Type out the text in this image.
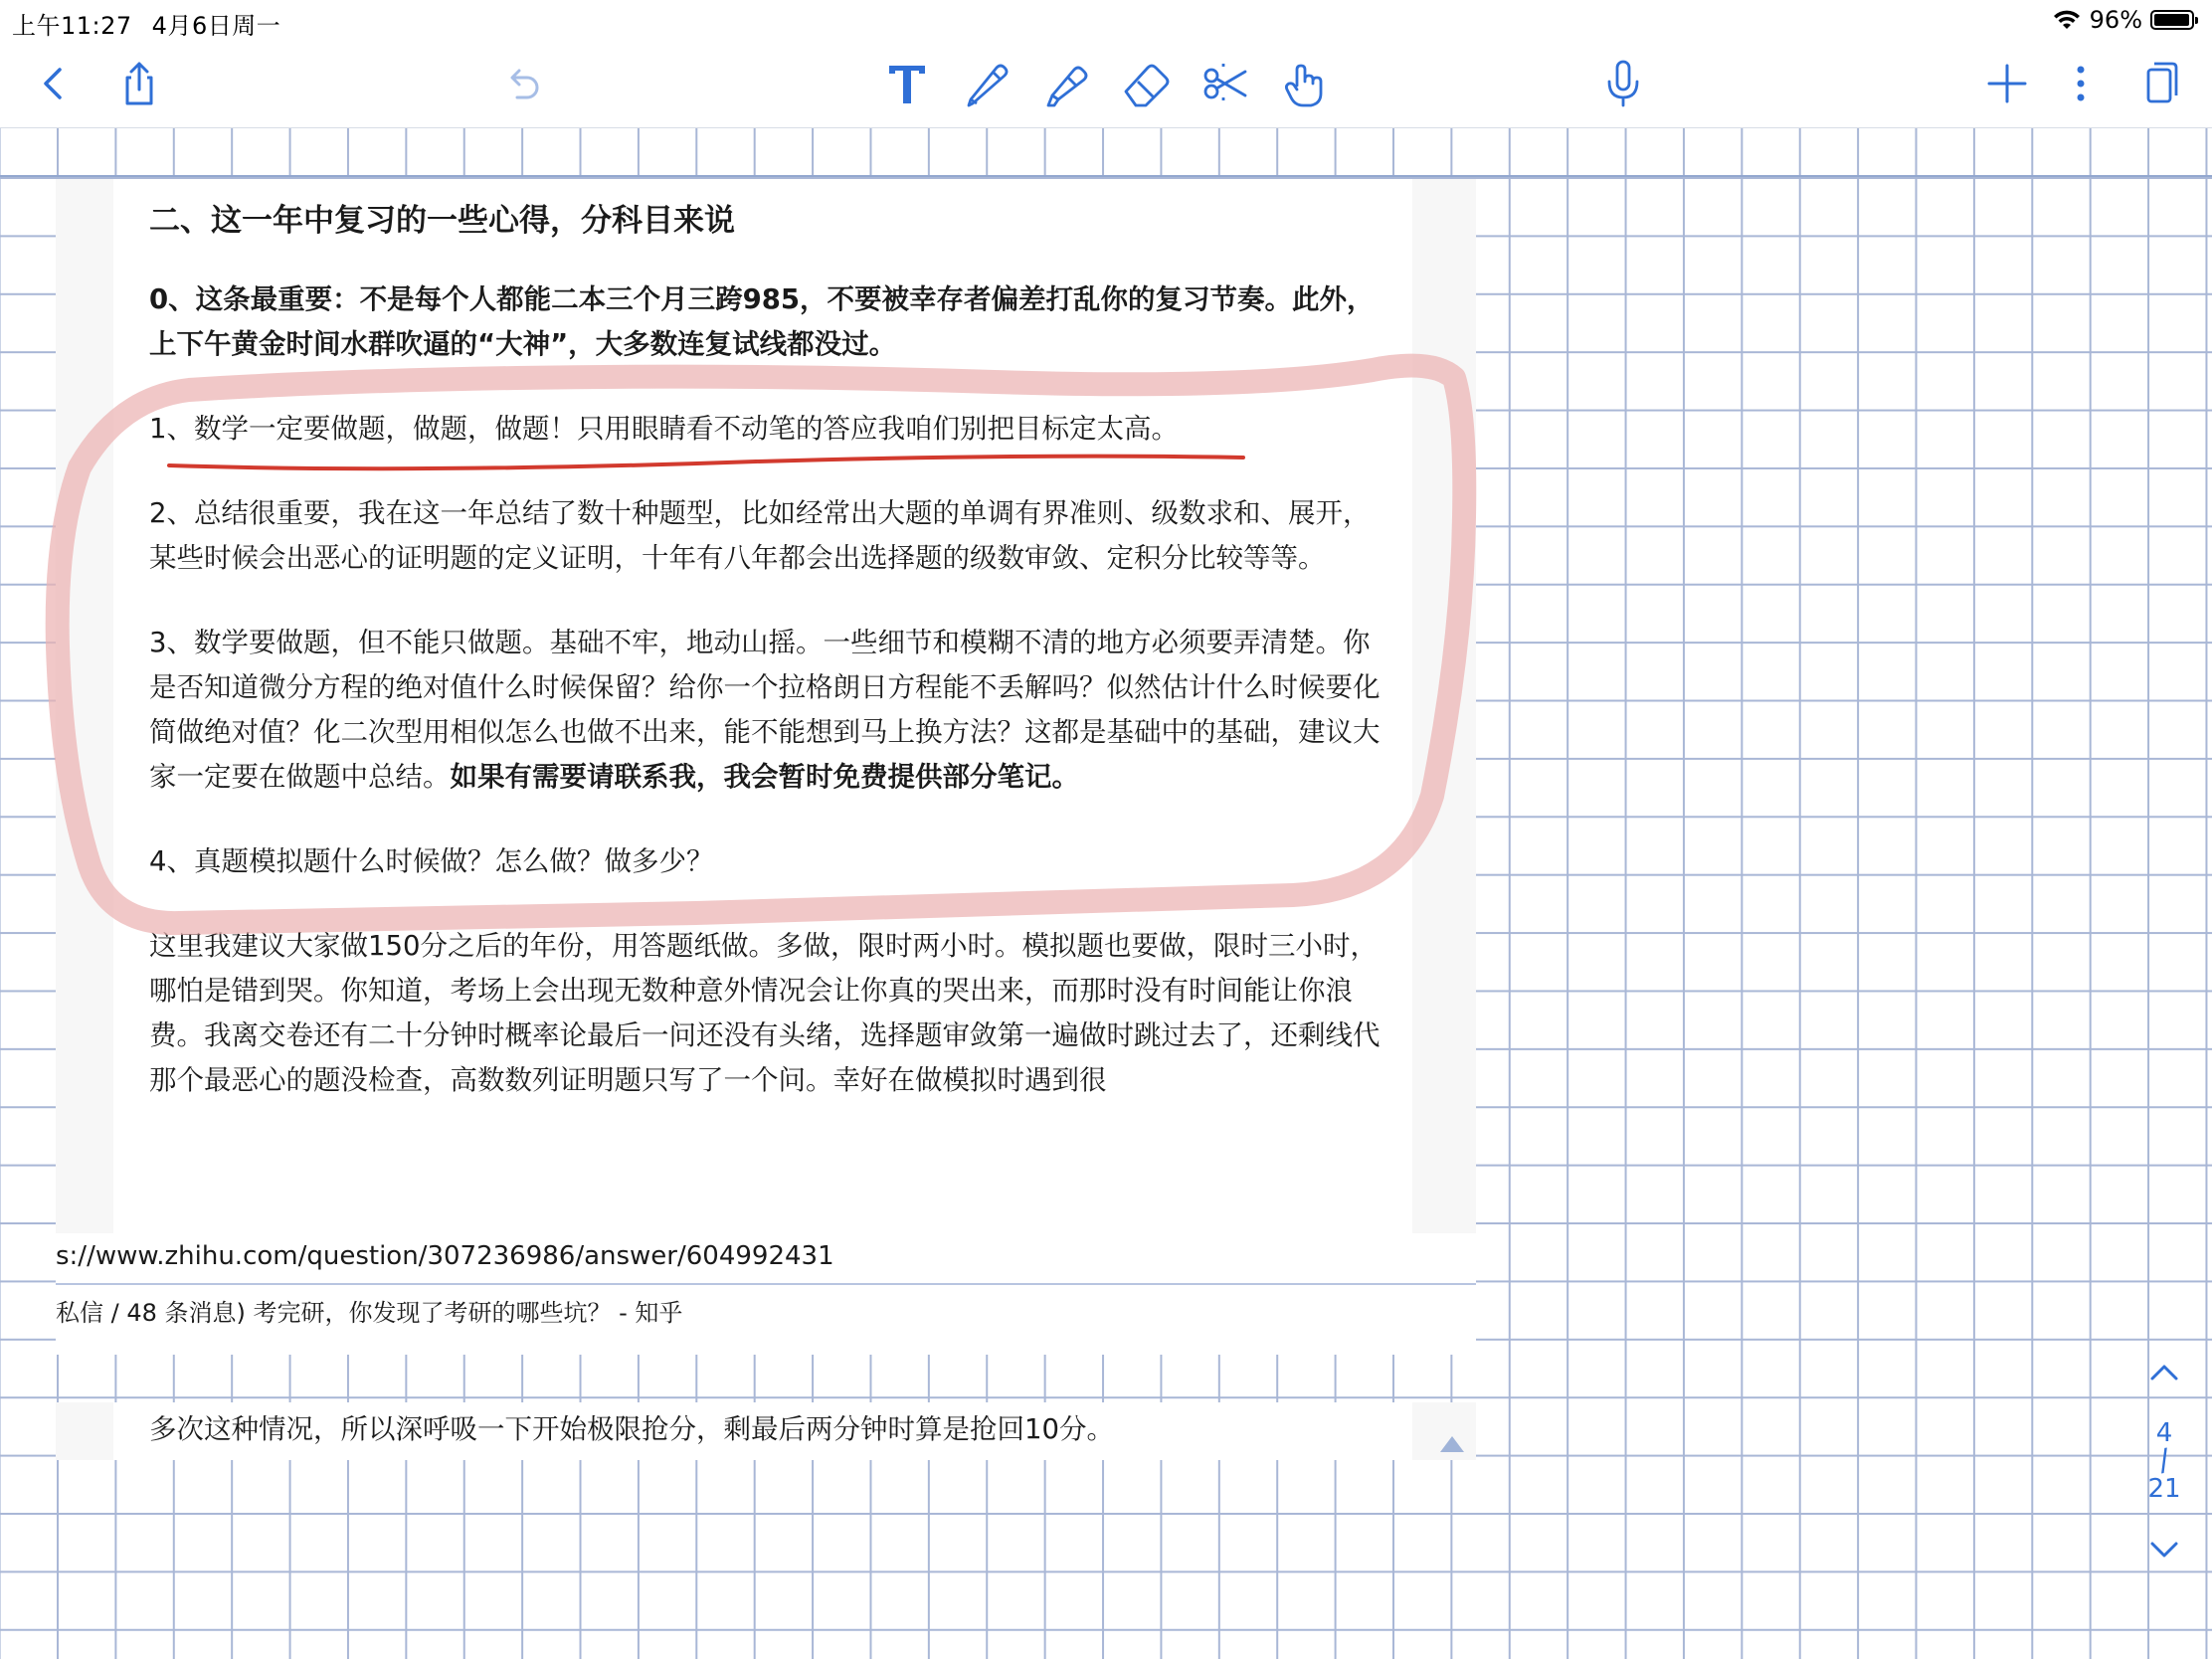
上午11:27 4月6日周一	96%

二、这一年中复习的一些心得，分科目来说

0、这条最重要：不是每个人都能二本三个月三跨985，不要被幸存者偏差打乱你的复习节奏。此外，上下午黄金时间水群吹逼的“大神”，大多数连复试线都没过。

1、数学一定要做题，做题，做题！只用眼睛看不动笔的答应我咱们别把目标定太高。

2、总结很重要，我在这一年总结了数十种题型，比如经常出大题的单调有界准则、级数求和、展开，某些时候会出恶心的证明题的定义证明，十年有八年都会出选择题的级数审敛、定积分比较等等。

3、数学要做题，但不能只做题。基础不牢，地动山摇。一些细节和模糊不清的地方必须要弄清楚。你是否知道微分方程的绝对值什么时候保留？给你一个拉格朗日方程能不丢解吗？似然估计什么时候要化简做绝对值？化二次型用相似怎么也做不出来，能不能想到马上换方法？这都是基础中的基础，建议大家一定要在做题中总结。如果有需要请联系我，我会暂时免费提供部分笔记。

4、真题模拟题什么时候做？怎么做？做多少？

这里我建议大家做150分之后的年份，用答题纸做。多做，限时两小时。模拟题也要做，限时三小时，哪怕是错到哭。你知道，考场上会出现无数种意外情况会让你真的哭出来，而那时没有时间能让你浪费。我离交卷还有二十分钟时概率论最后一问还没有头绪，选择题审敛第一遍做时跳过去了，还剩线代那个最恶心的题没检查，高数数列证明题只写了一个问。幸好在做模拟时遇到很

s://www.zhihu.com/question/307236986/answer/604992431
私信 / 48 条消息) 考完研，你发现了考研的哪些坑？ - 知乎
多次这种情况，所以深呼吸一下开始极限抢分，剩最后两分钟时算是抢回10分。	4
/
21
